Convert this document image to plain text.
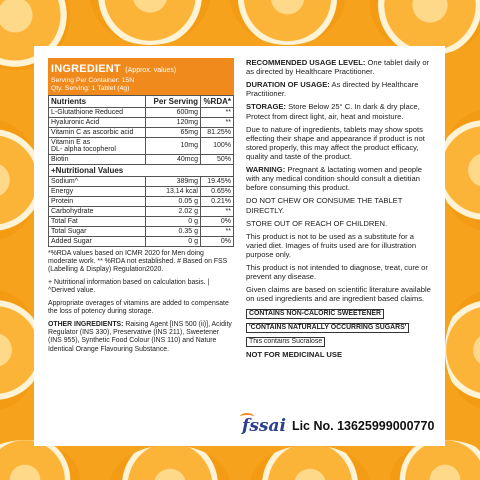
INGREDIENT (Approx. values)
Serving Per Container: 15N
Qty. Serving: 1 Tablet (4g)
Nutrients	Per Serving	%RDA*
L-Glutathione Reduced	600mg	**
Hyaluronic Acid	120mg	**
Vitamin C as ascorbic acid	65mg	81.25%
Vitamin E as
DL- alpha tocopherol	10mg	100%
Biotin	40mcg	50%
+Nutritional Values		
Sodium^	389mg	19.45%
Energy	13.14 kcal	0.65%
Protein	0.05 g	0.21%
Carbohydrate	2.02 g	**
Total Fat	0 g	0%
Total Sugar	0.35 g	**
Added Sugar	0 g	0%

*%RDA values based on ICMR 2020 for Men doing moderate work. ** %RDA not established. # Based on FSS (Labelling & Display) Regulation2020.

+ Nutritional information based on calculation basis. | ^Derived value.

Appropriate overages of vitamins are added to compensate the loss of potency during storage.

OTHER INGREDIENTS: Raising Agent [INS 500 (ii)], Acidity Regulator (INS 330), Preservative (INS 211), Sweetener (INS 955), Synthetic Food Colour (INS 110) and Nature Identical Orange Flavouring Substance.

RECOMMENDED USAGE LEVEL: One tablet daily or as directed by Healthcare Practitioner.

DURATION OF USAGE: As directed by Healthcare Practitioner.

STORAGE: Store Below 25° C. In dark & dry place, Protect from direct light, air, heat and moisture.

Due to nature of ingredients, tablets may show spots effecting their shape and appearance if product is not stored properly, this may affect the product efficacy, quality and taste of the product.

WARNING: Pregnant & lactating women and people with any medical condition should consult a dietitian before consuming this product.

DO NOT CHEW OR CONSUME THE TABLET DIRECTLY.

STORE OUT OF REACH OF CHILDREN.

This product is not to be used as a substitute for a varied diet. Images of fruits used are for illustration purpose only.

This product is not intended to diagnose, treat, cure or prevent any disease.

Given claims are based on scientific literature available on used ingredients and are ingredient based claims.

CONTAINS NON-CALORIC SWEETENER
'CONTAINS NATURALLY OCCURRING SUGARS'
This contains Sucralose
NOT FOR MEDICINAL USE
fssai Lic No. 13625999000770
